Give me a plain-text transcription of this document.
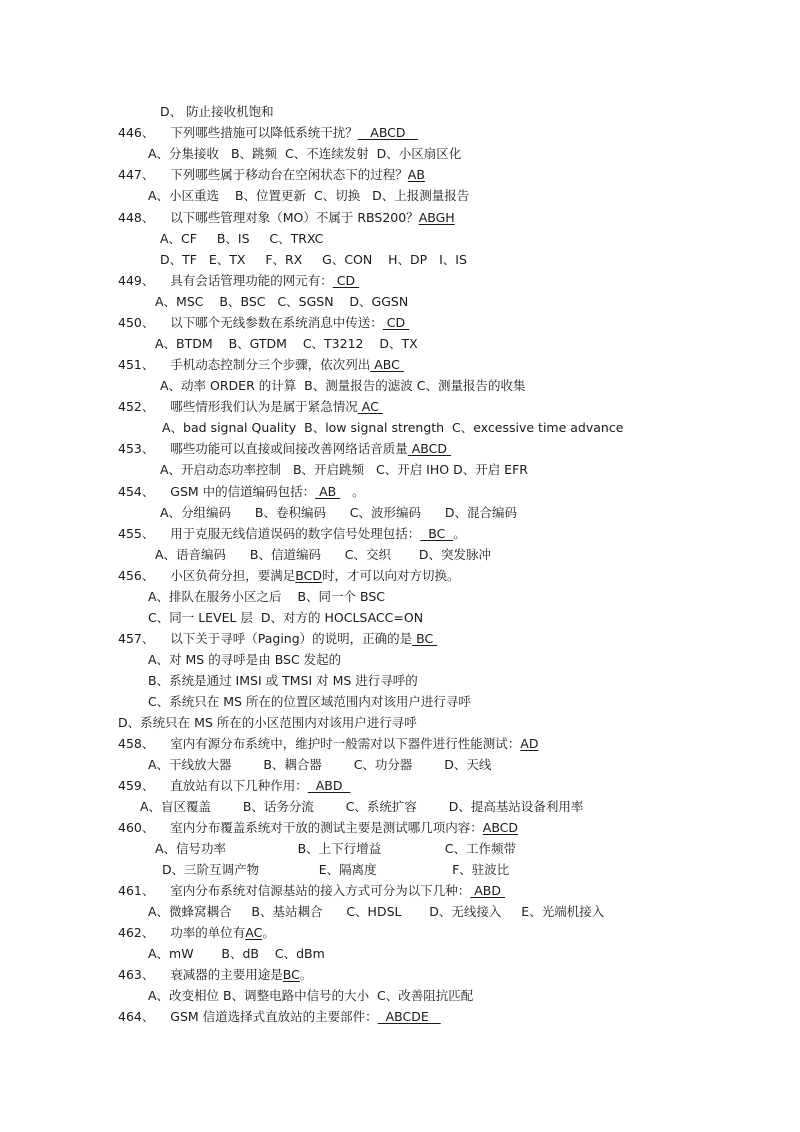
D、 防止接收机饱和
446、    下列哪些措施可以降低系统干扰？__ABCD__
A、分集接收   B、跳频  C、不连续发射  D、小区扇区化
447、    下列哪些属于移动台在空闲状态下的过程？AB
A、小区重选    B、位置更新  C、切换   D、上报测量报告
448、    以下哪些管理对象（MO）不属于 RBS200？ABGH
A、CF     B、IS     C、TRXC
D、TF   E、TX     F、RX     G、CON    H、DP   I、IS
449、    具有会话管理功能的网元有： CD
A、MSC    B、BSC   C、SGSN    D、GGSN
450、    以下哪个无线参数在系统消息中传送： CD
A、BTDM    B、GTDM    C、T3212    D、TX
451、    手机动态控制分三个步骤，依次列出 ABC
A、动率 ORDER 的计算  B、测量报告的滤波 C、测量报告的收集
452、    哪些情形我们认为是属于紧急情况 AC
A、bad signal Quality  B、low signal strength  C、excessive time advance
453、    哪些功能可以直接或间接改善网络话音质量 ABCD
A、开启动态功率控制   B、开启跳频   C、开启 IHO D、开启 EFR
454、    GSM 中的信道编码包括： AB    。
A、分组编码      B、卷积编码      C、波形编码      D、混合编码
455、    用于克服无线信道误码的数字信号处理包括：  BC  。
A、语音编码      B、信道编码      C、交织       D、突发脉冲
456、    小区负荷分担，要满足BCD时，才可以向对方切换。
A、排队在服务小区之后    B、同一个 BSC
C、同一 LEVEL 层  D、对方的 HOCLSACC=ON
457、    以下关于寻呼（Paging）的说明，正确的是 BC
A、对 MS 的寻呼是由 BSC 发起的
B、系统是通过 IMSI 或 TMSI 对 MS 进行寻呼的
C、系统只在 MS 所在的位置区域范围内对该用户进行寻呼
D、系统只在 MS 所在的小区范围内对该用户进行寻呼
458、    室内有源分布系统中，维护时一般需对以下器件进行性能测试：AD
A、干线放大器        B、耦合器        C、功分器        D、天线
459、    直放站有以下几种作用：  ABD
A、盲区覆盖        B、话务分流        C、系统扩容        D、提高基站设备利用率
460、    室内分布覆盖系统对干放的测试主要是测试哪几项内容：ABCD
A、信号功率                  B、上下行增益                C、工作频带
D、三阶互调产物               E、隔离度                   F、驻波比
461、    室内分布系统对信源基站的接入方式可分为以下几种： ABD
A、微蜂窝耦合     B、基站耦合      C、HDSL       D、无线接入     E、光端机接入
462、    功率的单位有AC。
A、mW       B、dB    C、dBm
463、    衰减器的主要用途是BC。
A、改变相位 B、调整电路中信号的大小  C、改善阻抗匹配
464、    GSM 信道选择式直放站的主要部件：  ABCDE
